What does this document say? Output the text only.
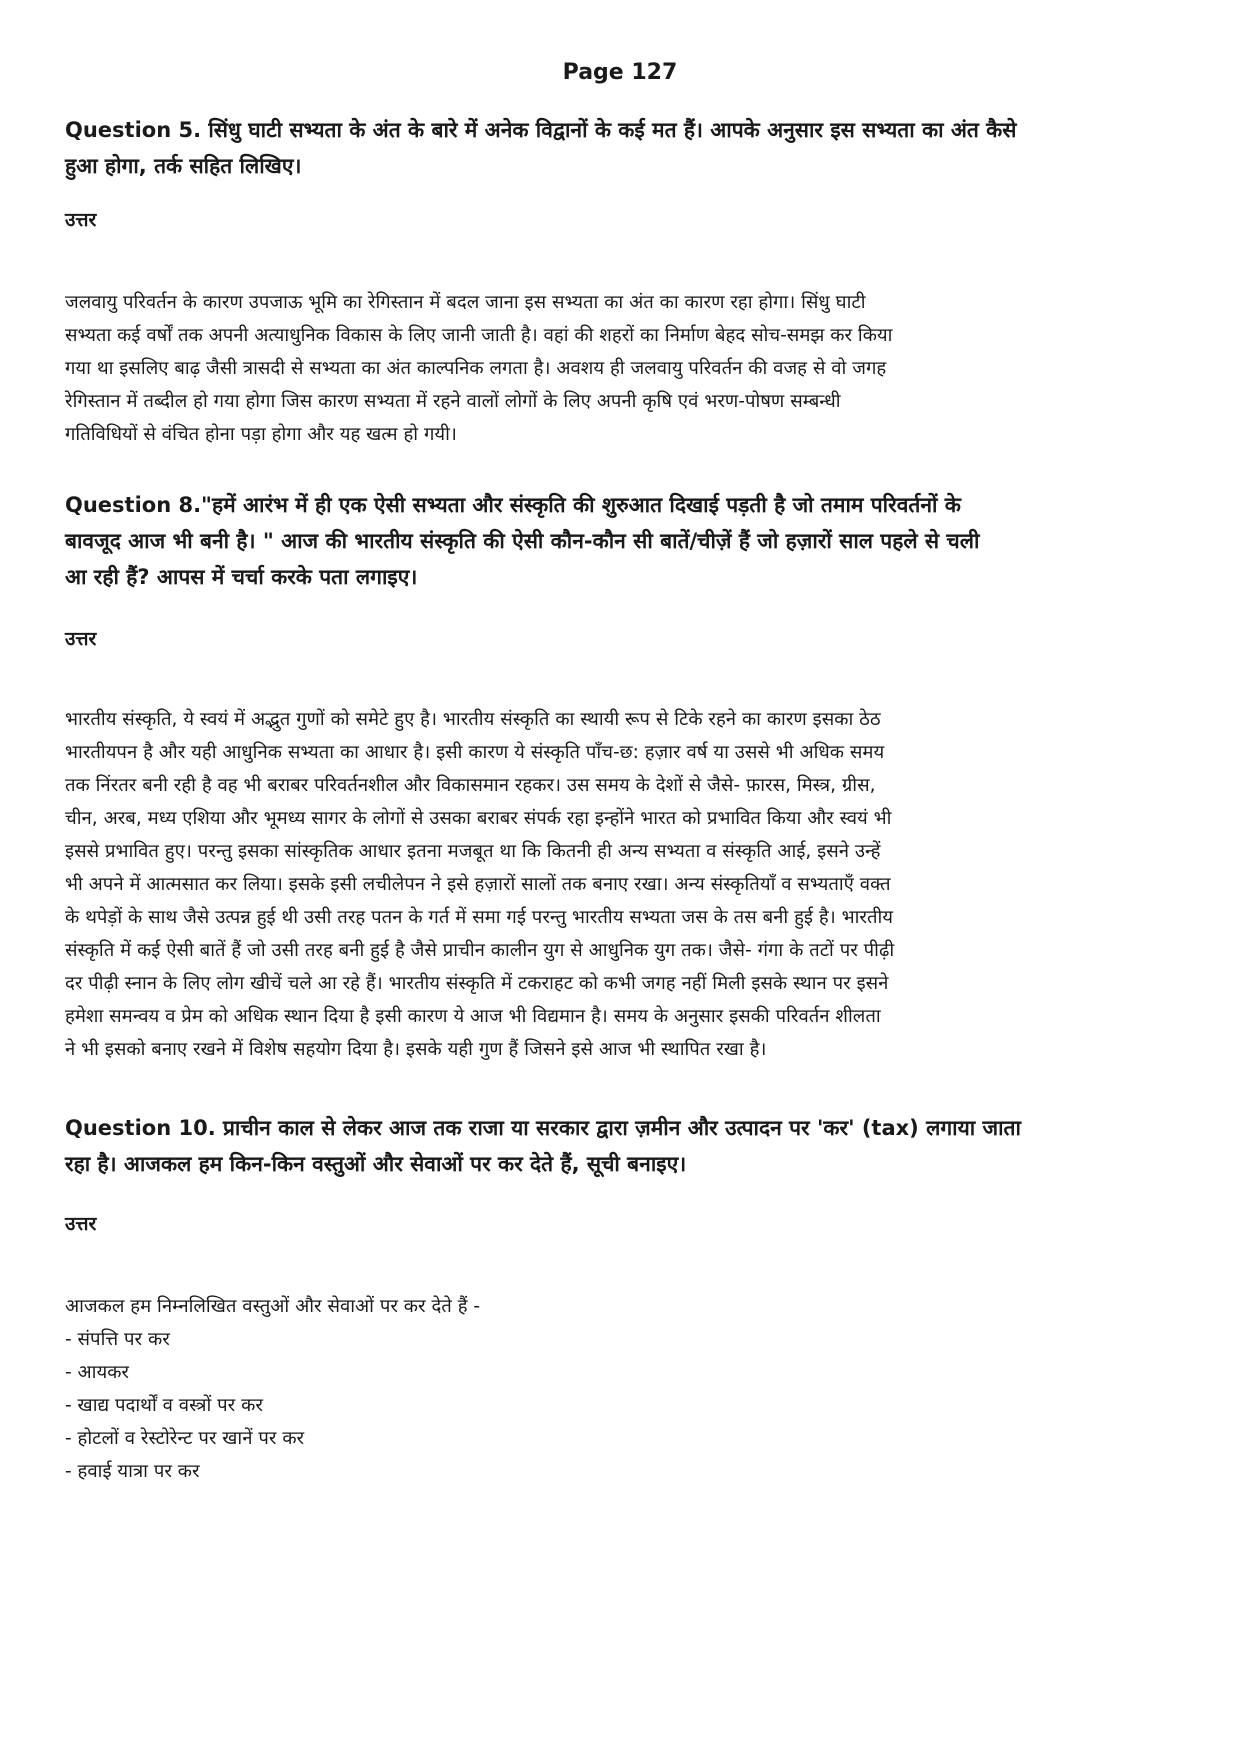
Page 127
Question 5. सिंधु घाटी सभ्यता के अंत के बारे में अनेक विद्वानों के कई मत हैं। आपके अनुसार इस सभ्यता का अंत कैसे
हुआ होगा, तर्क सहित लिखिए।
उत्तर
जलवायु परिवर्तन के कारण उपजाऊ भूमि का रेगिस्तान में बदल जाना इस सभ्यता का अंत का कारण रहा होगा। सिंधु घाटी
सभ्यता कई वर्षों तक अपनी अत्याधुनिक विकास के लिए जानी जाती है। वहां की शहरों का निर्माण बेहद सोच-समझ कर किया
गया था इसलिए बाढ़ जैसी त्रासदी से सभ्यता का अंत काल्पनिक लगता है। अवशय ही जलवायु परिवर्तन की वजह से वो जगह
रेगिस्तान में तब्दील हो गया होगा जिस कारण सभ्यता में रहने वालों लोगों के लिए अपनी कृषि एवं भरण-पोषण सम्बन्धी
गतिविधियों से वंचित होना पड़ा होगा और यह खत्म हो गयी।
Question 8."हमें आरंभ में ही एक ऐसी सभ्यता और संस्कृति की शुरुआत दिखाई पड़ती है जो तमाम परिवर्तनों के
बावजूद आज भी बनी है। " आज की भारतीय संस्कृति की ऐसी कौन-कौन सी बातें/चीज़ें हैं जो हज़ारों साल पहले से चली
आ रही हैं? आपस में चर्चा करके पता लगाइए।
उत्तर
भारतीय संस्कृति, ये स्वयं में अद्भुत गुणों को समेटे हुए है। भारतीय संस्कृति का स्थायी रूप से टिके रहने का कारण इसका ठेठ
भारतीयपन है और यही आधुनिक सभ्यता का आधार है। इसी कारण ये संस्कृति पाँच-छ: हज़ार वर्ष या उससे भी अधिक समय
तक निंरतर बनी रही है वह भी बराबर परिवर्तनशील और विकासमान रहकर। उस समय के देशों से जैसे- फ़ारस, मिस्त्र, ग्रीस,
चीन, अरब, मध्य एशिया और भूमध्य सागर के लोगों से उसका बराबर संपर्क रहा इन्होंने भारत को प्रभावित किया और स्वयं भी
इससे प्रभावित हुए। परन्तु इसका सांस्कृतिक आधार इतना मजबूत था कि कितनी ही अन्य सभ्यता व संस्कृति आई, इसने उन्हें
भी अपने में आत्मसात कर लिया। इसके इसी लचीलेपन ने इसे हज़ारों सालों तक बनाए रखा। अन्य संस्कृतियाँ व सभ्यताएँ वक्त
के थपेड़ों के साथ जैसे उत्पन्न हुई थी उसी तरह पतन के गर्त में समा गई परन्तु भारतीय सभ्यता जस के तस बनी हुई है। भारतीय
संस्कृति में कई ऐसी बातें हैं जो उसी तरह बनी हुई है जैसे प्राचीन कालीन युग से आधुनिक युग तक। जैसे- गंगा के तटों पर पीढ़ी
दर पीढ़ी स्नान के लिए लोग खीचें चले आ रहे हैं। भारतीय संस्कृति में टकराहट को कभी जगह नहीं मिली इसके स्थान पर इसने
हमेशा समन्वय व प्रेम को अधिक स्थान दिया है इसी कारण ये आज भी विद्यमान है। समय के अनुसार इसकी परिवर्तन शीलता
ने भी इसको बनाए रखने में विशेष सहयोग दिया है। इसके यही गुण हैं जिसने इसे आज भी स्थापित रखा है।
Question 10. प्राचीन काल से लेकर आज तक राजा या सरकार द्वारा ज़मीन और उत्पादन पर 'कर' (tax) लगाया जाता
रहा है। आजकल हम किन-किन वस्तुओं और सेवाओं पर कर देते हैं, सूची बनाइए।
उत्तर
आजकल हम निम्नलिखित वस्तुओं और सेवाओं पर कर देते हैं -
- संपत्ति पर कर
- आयकर
- खाद्य पदार्थों व वस्त्रों पर कर
- होटलों व रेस्टोरेन्ट पर खानें पर कर
- हवाई यात्रा पर कर
